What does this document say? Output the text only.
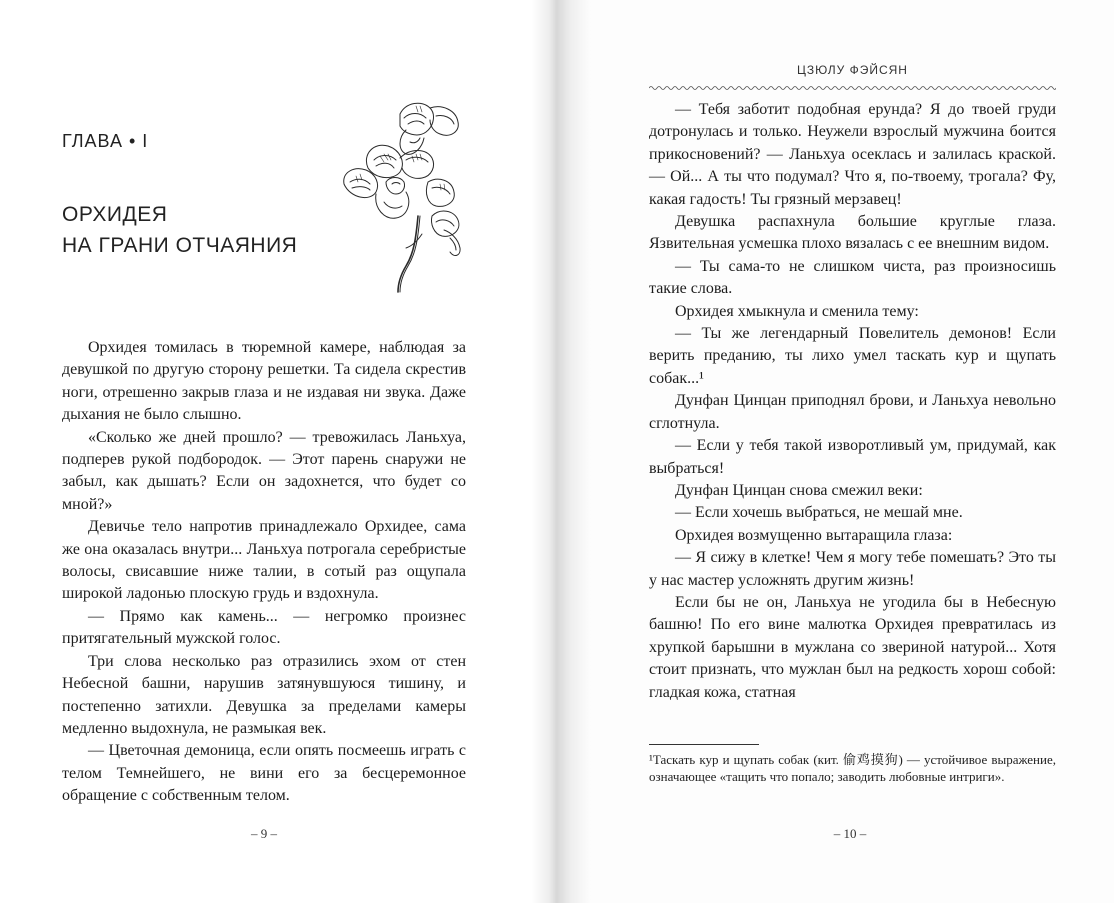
ГЛАВА • I
ОРХИДЕЯ
НА ГРАНИ ОТЧАЯНИЯ

Орхидея томилась в тюремной камере, наблюдая за девушкой по другую сторону решетки. Та сидела скрестив ноги, отрешенно закрыв глаза и не издавая ни звука. Даже дыхания не было слышно.

«Сколько же дней прошло? — тревожилась Ланьхуа, подперев рукой подбородок. — Этот парень снаружи не забыл, как дышать? Если он задохнется, что будет со мной?»

Девичье тело напротив принадлежало Орхидее, сама же она оказалась внутри... Ланьхуа потрогала серебристые волосы, свисавшие ниже талии, в сотый раз ощупала широкой ладонью плоскую грудь и вздохнула.

— Прямо как камень... — негромко произнес притягательный мужской голос.

Три слова несколько раз отразились эхом от стен Небесной башни, нарушив затянувшуюся тишину, и постепенно затихли. Девушка за пределами камеры медленно выдохнула, не размыкая век.

— Цветочная демоница, если опять посмеешь играть с телом Темнейшего, не вини его за бесцеремонное обращение с собственным телом.

– 9 –
ЦЗЮЛУ ФЭЙСЯН

— Тебя заботит подобная ерунда? Я до твоей груди дотронулась и только. Неужели взрослый мужчина боится прикосновений? — Ланьхуа осеклась и залилась краской. — Ой... А ты что подумал? Что я, по-твоему, трогала? Фу, какая гадость! Ты грязный мерзавец!

Девушка распахнула большие круглые глаза. Язвительная усмешка плохо вязалась с ее внешним видом.

— Ты сама-то не слишком чиста, раз произносишь такие слова.

Орхидея хмыкнула и сменила тему:

— Ты же легендарный Повелитель демонов! Если верить преданию, ты лихо умел таскать кур и щупать собак...¹

Дунфан Цинцан приподнял брови, и Ланьхуа невольно сглотнула.

— Если у тебя такой изворотливый ум, придумай, как выбраться!

Дунфан Цинцан снова смежил веки:

— Если хочешь выбраться, не мешай мне.

Орхидея возмущенно вытаращила глаза:

— Я сижу в клетке! Чем я могу тебе помешать? Это ты у нас мастер усложнять другим жизнь!

Если бы не он, Ланьхуа не угодила бы в Небесную башню! По его вине малютка Орхидея превратилась из хрупкой барышни в мужлана со звериной натурой... Хотя стоит признать, что мужлан был на редкость хорош собой: гладкая кожа, статная

¹Таскать кур и щупать собак (кит. 偷鸡摸狗) — устойчивое выражение, означающее «тащить что попало; заводить любовные интриги».
– 10 –
